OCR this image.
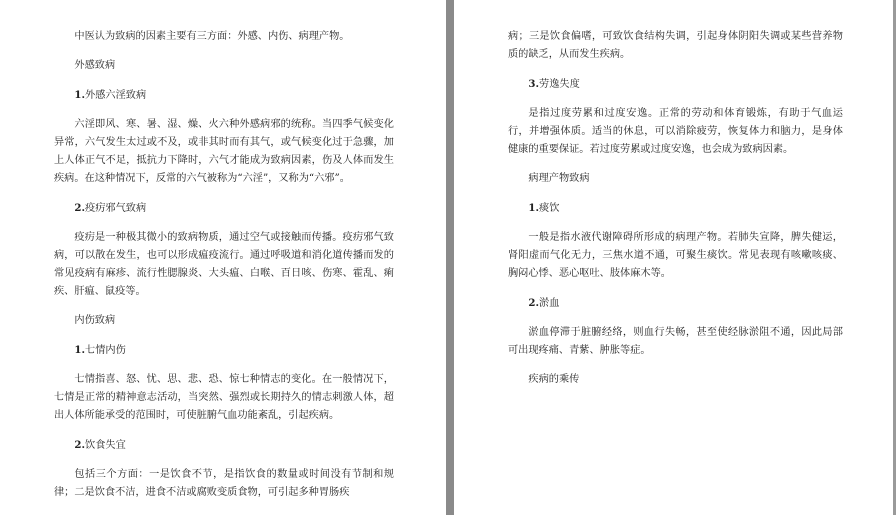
中医认为致病的因素主要有三方面：外感、内伤、病理产物。

外感致病

1.外感六淫致病

六淫即风、寒、暑、湿、燥、火六种外感病邪的统称。当四季气候变化异常，六气发生太过或不及，或非其时而有其气，或气候变化过于急骤，加上人体正气不足，抵抗力下降时，六气才能成为致病因素，伤及人体而发生疾病。在这种情况下，反常的六气被称为“六淫”，又称为“六邪”。

2.疫疠邪气致病

疫疠是一种极其微小的致病物质，通过空气或接触而传播。疫疠邪气致病，可以散在发生，也可以形成瘟疫流行。通过呼吸道和消化道传播而发的常见疫病有麻疹、流行性腮腺炎、大头瘟、白喉、百日咳、伤寒、霍乱、痢疾、肝瘟、鼠疫等。

内伤致病

1.七情内伤

七情指喜、怒、忧、思、悲、恐、惊七种情志的变化。在一般情况下，七情是正常的精神意志活动，当突然、强烈或长期持久的情志刺激人体，超出人体所能承受的范围时，可使脏腑气血功能紊乱，引起疾病。

2.饮食失宜

包括三个方面：一是饮食不节，是指饮食的数量或时间没有节制和规律；二是饮食不洁，进食不洁或腐败变质食物，可引起多种胃肠疾

病；三是饮食偏嗜，可致饮食结构失调，引起身体阴阳失调或某些营养物质的缺乏，从而发生疾病。

3.劳逸失度

是指过度劳累和过度安逸。正常的劳动和体育锻炼，有助于气血运行，并增强体质。适当的休息，可以消除疲劳，恢复体力和脑力，是身体健康的重要保证。若过度劳累或过度安逸，也会成为致病因素。

病理产物致病

1.痰饮

一般是指水液代谢障碍所形成的病理产物。若肺失宣降，脾失健运，肾阳虚而气化无力，三焦水道不通，可聚生痰饮。常见表现有咳嗽咳痰、胸闷心悸、恶心呕吐、肢体麻木等。

2.淤血

淤血停滞于脏腑经络，则血行失畅，甚至使经脉淤阻不通，因此局部可出现疼痛、青紫、肿胀等症。

疾病的乘传
